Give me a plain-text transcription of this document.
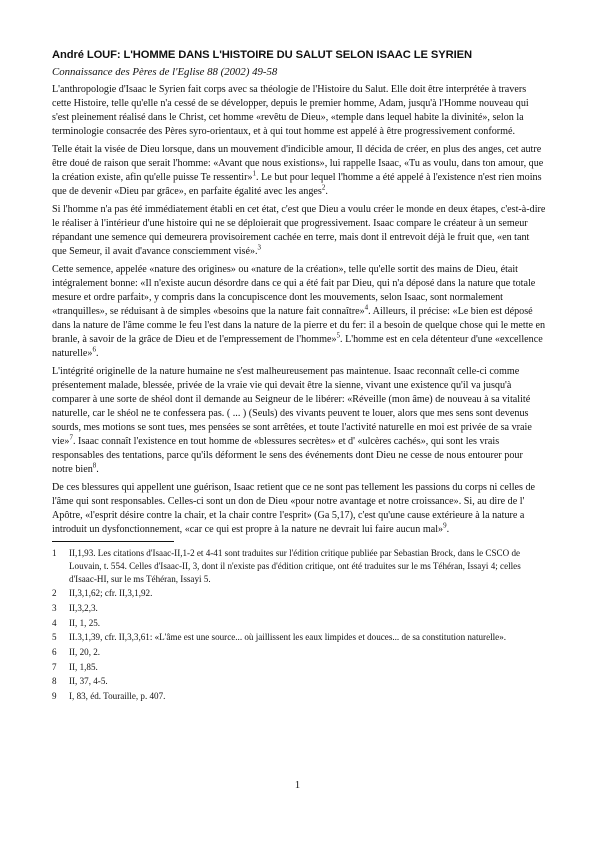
André LOUF: L'HOMME DANS L'HISTOIRE DU SALUT SELON ISAAC LE SYRIEN
Connaissance des Pères de l'Eglise 88 (2002) 49-58

L'anthropologie d'Isaac le Syrien fait corps avec sa théologie de l'Histoire du Salut. Elle doit être interprétée à travers cette Histoire, telle qu'elle n'a cessé de se développer, depuis le premier homme, Adam, jusqu'à l'Homme nouveau qui s'est pleinement réalisé dans le Christ, cet homme «revêtu de Dieu», «temple dans lequel habite la divinité», selon la terminologie consacrée des Pères syro-orientaux, et à qui tout homme est appelé à être progressivement conformé.

Telle était la visée de Dieu lorsque, dans un mouvement d'indicible amour, Il décida de créer, en plus des anges, cet autre être doué de raison que serait l'homme: «Avant que nous existions», lui rappelle Isaac, «Tu as voulu, dans ton amour, que la création existe, afin qu'elle puisse Te ressentir»$^1$. Le but pour lequel l'homme a été appelé à l'existence n'est rien moins que de devenir «Dieu par grâce», en parfaite égalité avec les anges$^2$.

Si l'homme n'a pas été immédiatement établi en cet état, c'est que Dieu a voulu créer le monde en deux étapes, c'est-à-dire le réaliser à l'intérieur d'une histoire qui ne se déploierait que progressivement. Isaac compare le créateur à un semeur répandant une semence qui demeurera provisoirement cachée en terre, mais dont il entrevoit déjà le fruit que, «en tant que Semeur, il avait d'avance consciemment visé».$^3$

Cette semence, appelée «nature des origines» ou «nature de la création», telle qu'elle sortit des mains de Dieu, était intégralement bonne: «Il n'existe aucun désordre dans ce qui a été fait par Dieu, qui n'a déposé dans la nature que totale mesure et ordre parfait», y compris dans la concupiscence dont les mouvements, selon Isaac, sont normalement «tranquilles», se réduisant à de simples «besoins que la nature fait connaître»$^4$. Ailleurs, il précise: «Le bien est déposé dans la nature de l'âme comme le feu l'est dans la nature de la pierre et du fer: il a besoin de quelque chose qui le mette en branle, à savoir de la grâce de Dieu et de l'empressement de l'homme»$^5$. L'homme est en cela détenteur d'une «excellence naturelle»$^6$.

L'intégrité originelle de la nature humaine ne s'est malheureusement pas maintenue. Isaac reconnaît celle-ci comme présentement malade, blessée, privée de la vraie vie qui devait être la sienne, vivant une existence qu'il va jusqu'à comparer à une sorte de shéol dont il demande au Seigneur de le libérer: «Réveille (mon âme) de nouveau à sa vitalité naturelle, car le shéol ne te confessera pas. ( ... ) (Seuls) des vivants peuvent te louer, alors que mes sens sont devenus sourds, mes motions se sont tues, mes pensées se sont arrêtées, et toute l'activité naturelle en moi est privée de sa vraie vie»$^7$. Isaac connaît l'existence en tout homme de «blessures secrètes» et d' «ulcères cachés», qui sont les vrais responsables des tentations, parce qu'ils déforment le sens des événements dont Dieu ne cesse de nous entourer pour notre bien$^8$.

De ces blessures qui appellent une guérison, Isaac retient que ce ne sont pas tellement les passions du corps ni celles de l'âme qui sont responsables. Celles-ci sont un don de Dieu «pour notre avantage et notre croissance». Si, au dire de l' Apôtre, «l'esprit désire contre la chair, et la chair contre l'esprit» (Ga 5,17), c'est qu'une cause extérieure à la nature a introduit un dysfonctionnement, «car ce qui est propre à la nature ne devrait lui faire aucun mal»$^9$.

1	II,1,93. Les citations d'Isaac-II,1-2 et 4-41 sont traduites sur l'édition critique publiée par Sebastian Brock, dans le CSCO de Louvain, t. 554. Celles d'Isaac-II, 3, dont il n'existe pas d'édition critique, ont été traduites sur le ms Téhéran, Issayi 4; celles d'Isaac-HI, sur le ms Téhéran, Issayi 5.
2	II,3,1,62; cfr. II,3,1,92.
3	II,3,2,3.
4	II, 1, 25.
5	II.3,1,39, cfr. II,3,3,61: «L'âme est une source... où jaillissent les eaux limpides et douces... de sa constitution naturelle».
6	II, 20, 2.
7	II, 1,85.
8	II, 37, 4-5.
9	I, 83, éd. Touraille, p. 407.
1
